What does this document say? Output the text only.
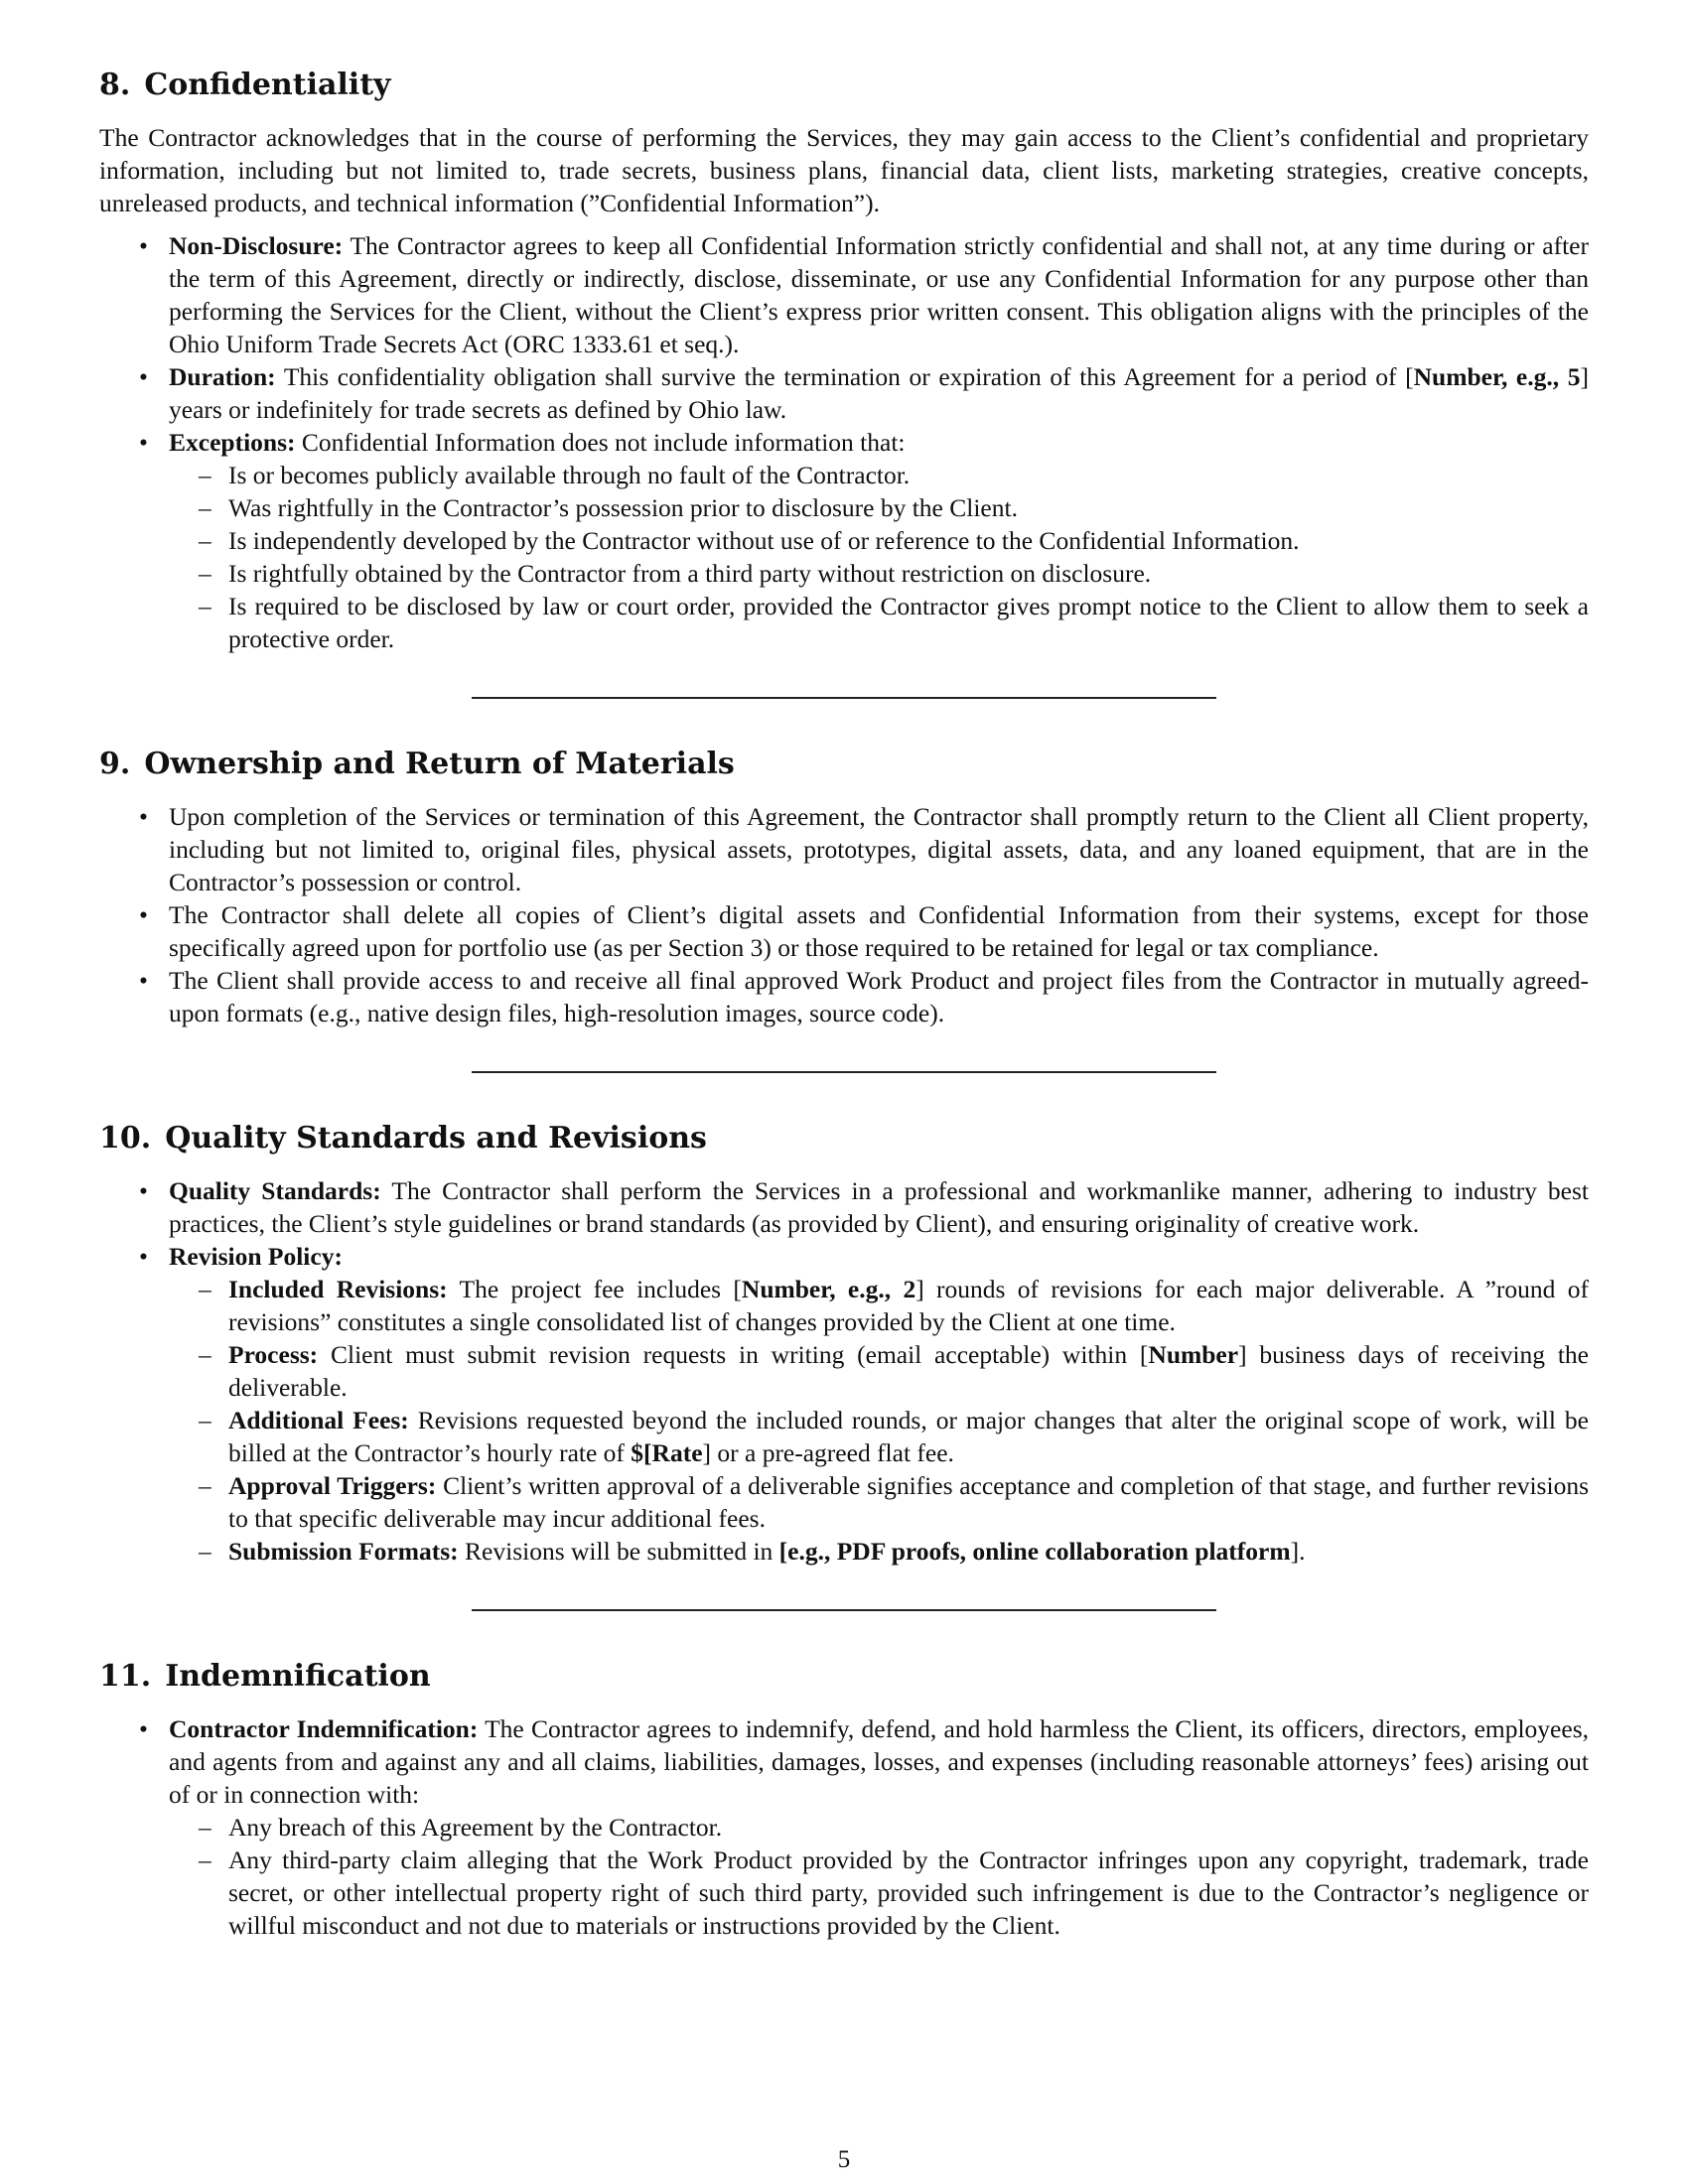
8. Confidentiality

The Contractor acknowledges that in the course of performing the Services, they may gain access to the Client’s confidential and proprietary information, including but not limited to, trade secrets, business plans, financial data, client lists, marketing strategies, creative concepts, unreleased products, and technical information (”Confidential Information”).

• Non-Disclosure: The Contractor agrees to keep all Confidential Information strictly confidential and shall not, at any time during or after the term of this Agreement, directly or indirectly, disclose, disseminate, or use any Confidential Information for any purpose other than performing the Services for the Client, without the Client’s express prior written consent. This obligation aligns with the principles of the Ohio Uniform Trade Secrets Act (ORC 1333.61 et seq.).
• Duration: This confidentiality obligation shall survive the termination or expiration of this Agreement for a period of [Number, e.g., 5] years or indefinitely for trade secrets as defined by Ohio law.
• Exceptions: Confidential Information does not include information that:
– Is or becomes publicly available through no fault of the Contractor.
– Was rightfully in the Contractor’s possession prior to disclosure by the Client.
– Is independently developed by the Contractor without use of or reference to the Confidential Information.
– Is rightfully obtained by the Contractor from a third party without restriction on disclosure.
– Is required to be disclosed by law or court order, provided the Contractor gives prompt notice to the Client to allow them to seek a protective order.
9. Ownership and Return of Materials
• Upon completion of the Services or termination of this Agreement, the Contractor shall promptly return to the Client all Client property, including but not limited to, original files, physical assets, prototypes, digital assets, data, and any loaned equipment, that are in the Contractor’s possession or control.
• The Contractor shall delete all copies of Client’s digital assets and Confidential Information from their systems, except for those specifically agreed upon for portfolio use (as per Section 3) or those required to be retained for legal or tax compliance.
• The Client shall provide access to and receive all final approved Work Product and project files from the Contractor in mutually agreed-upon formats (e.g., native design files, high-resolution images, source code).
10. Quality Standards and Revisions
• Quality Standards: The Contractor shall perform the Services in a professional and workmanlike manner, adhering to industry best practices, the Client’s style guidelines or brand standards (as provided by Client), and ensuring originality of creative work.
• Revision Policy:
– Included Revisions: The project fee includes [Number, e.g., 2] rounds of revisions for each major deliverable. A ”round of revisions” constitutes a single consolidated list of changes provided by the Client at one time.
– Process: Client must submit revision requests in writing (email acceptable) within [Number] business days of receiving the deliverable.
– Additional Fees: Revisions requested beyond the included rounds, or major changes that alter the original scope of work, will be billed at the Contractor’s hourly rate of $[Rate] or a pre-agreed flat fee.
– Approval Triggers: Client’s written approval of a deliverable signifies acceptance and completion of that stage, and further revisions to that specific deliverable may incur additional fees.
– Submission Formats: Revisions will be submitted in [e.g., PDF proofs, online collaboration platform].
11. Indemnification
• Contractor Indemnification: The Contractor agrees to indemnify, defend, and hold harmless the Client, its officers, directors, employees, and agents from and against any and all claims, liabilities, damages, losses, and expenses (including reasonable attorneys’ fees) arising out of or in connection with:
– Any breach of this Agreement by the Contractor.
– Any third-party claim alleging that the Work Product provided by the Contractor infringes upon any copyright, trademark, trade secret, or other intellectual property right of such third party, provided such infringement is due to the Contractor’s negligence or willful misconduct and not due to materials or instructions provided by the Client.
5
